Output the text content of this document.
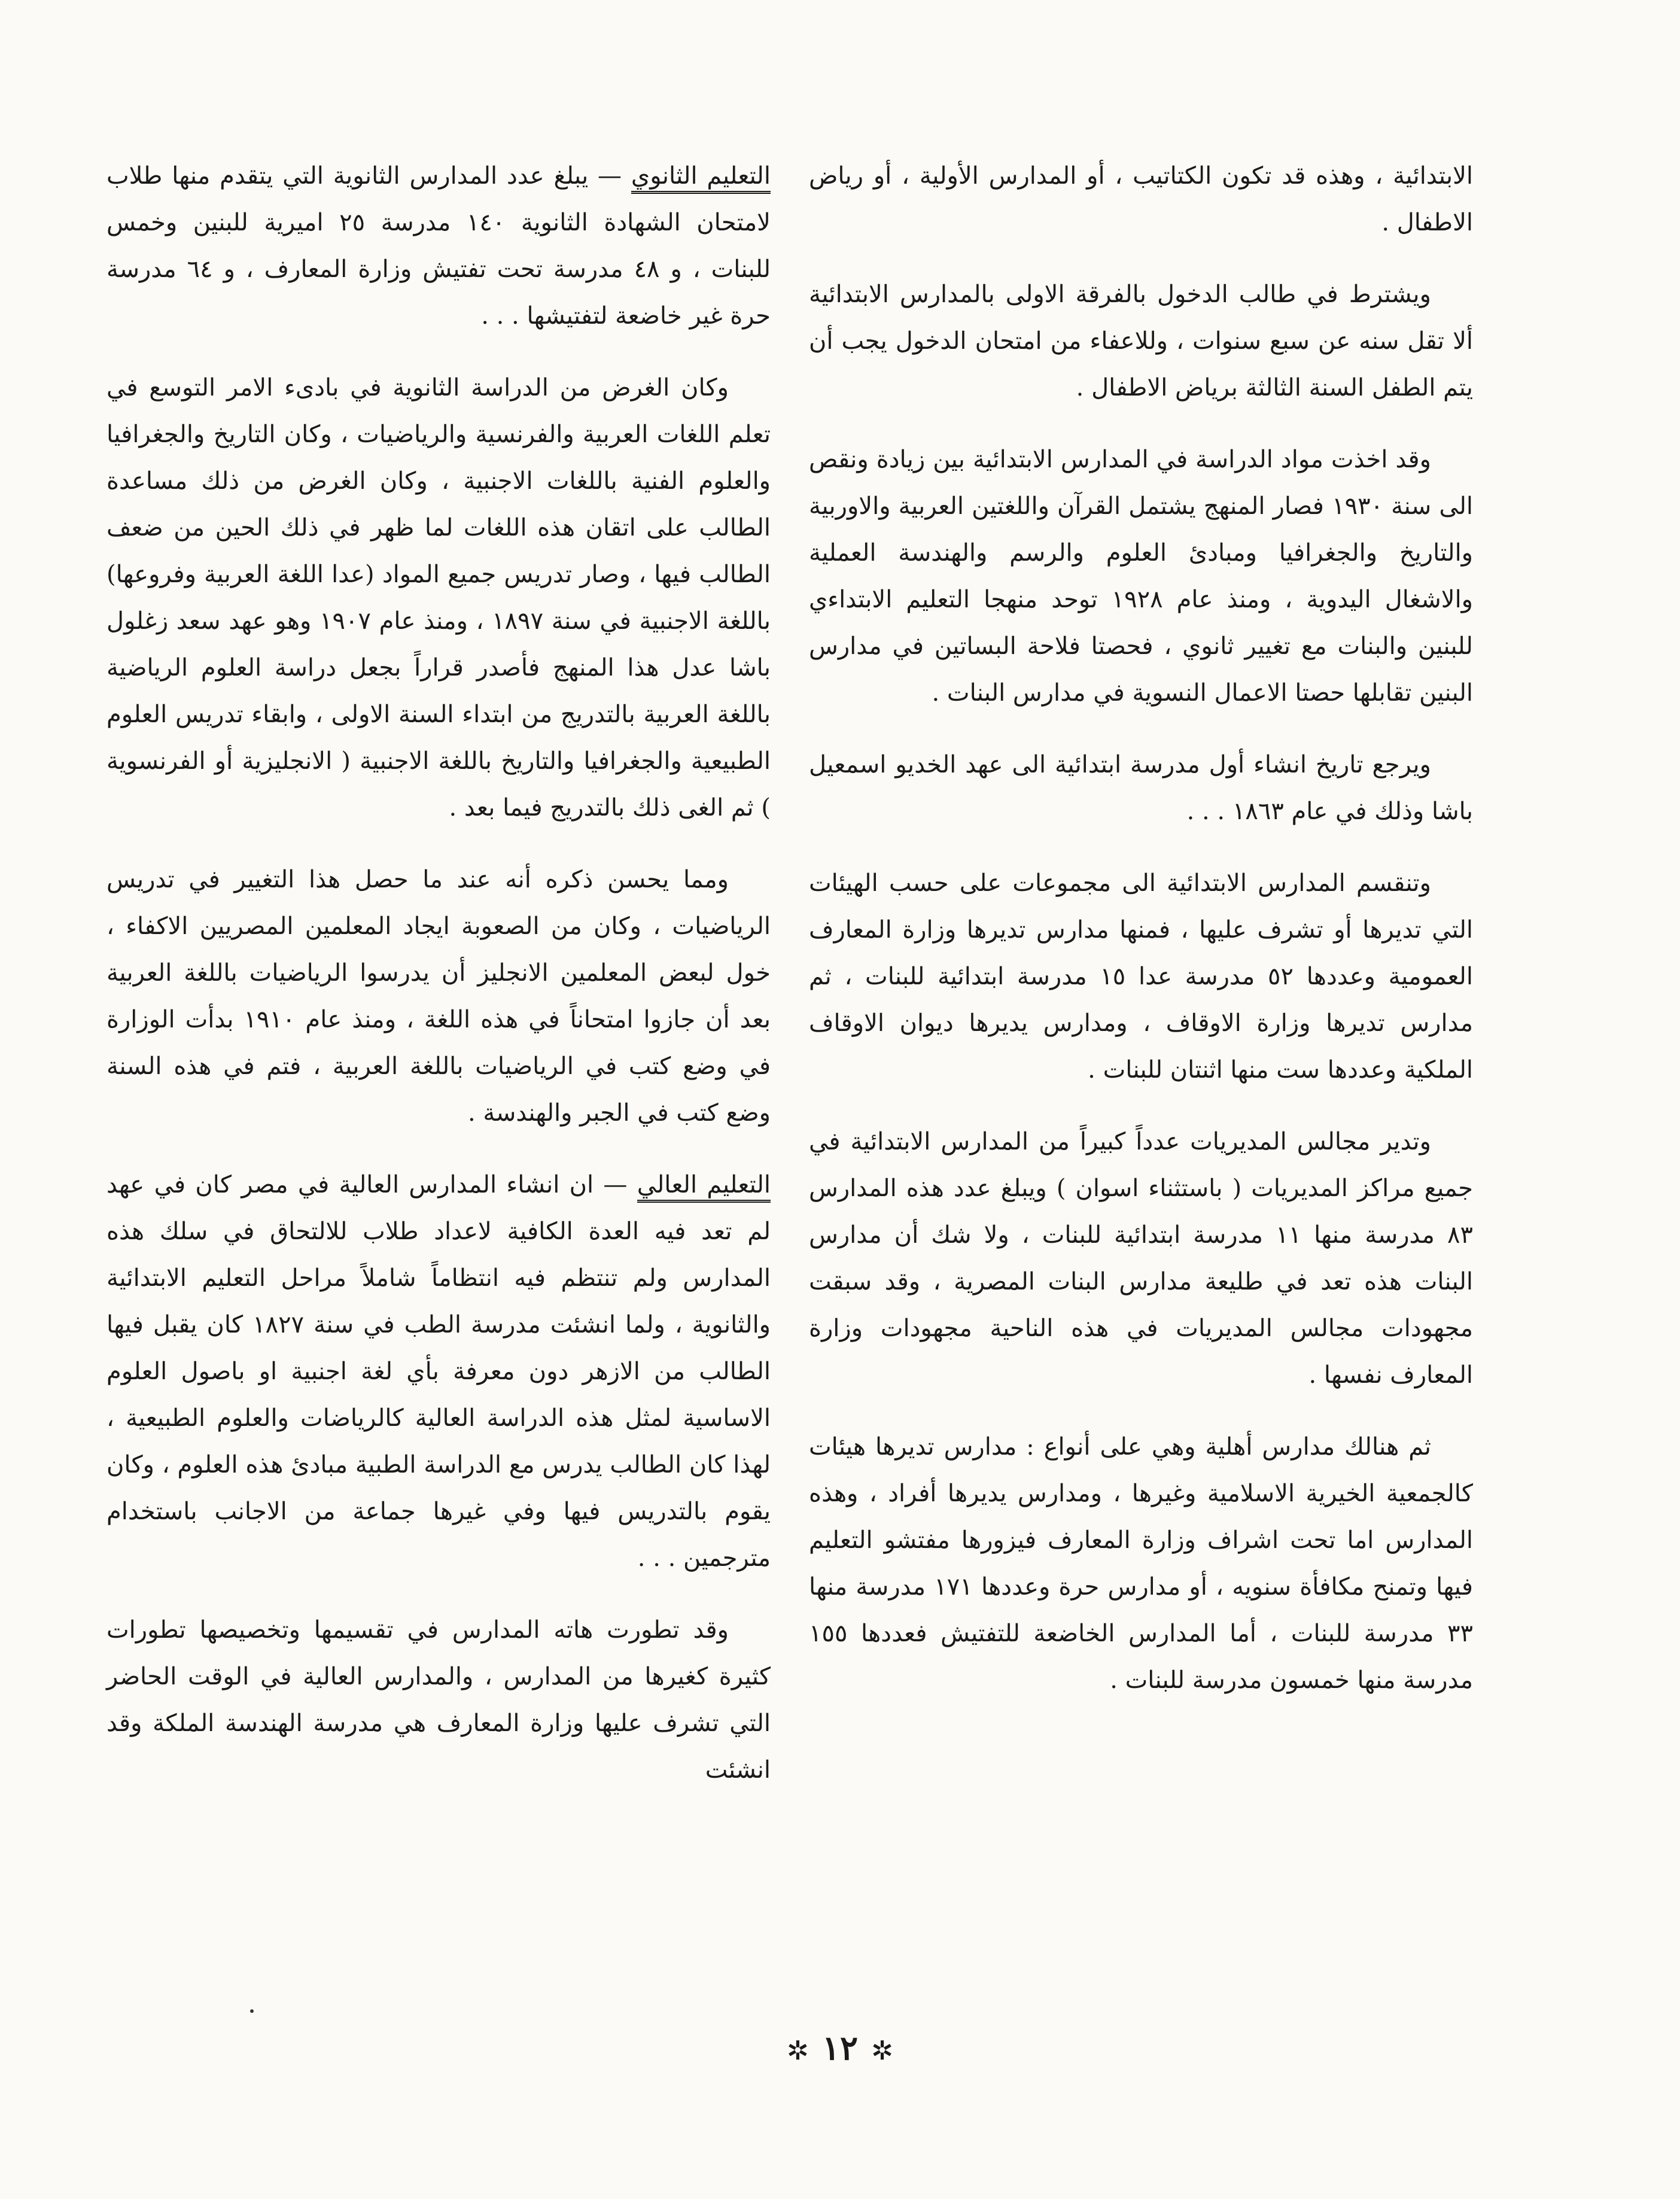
الابتدائية ، وهذه قد تكون الكتاتيب ، أو المدارس الأولية ، أو رياض الاطفال .

ويشترط في طالب الدخول بالفرقة الاولى بالمدارس الابتدائية ألا تقل سنه عن سبع سنوات ، وللاعفاء من امتحان الدخول يجب أن يتم الطفل السنة الثالثة برياض الاطفال .

وقد اخذت مواد الدراسة في المدارس الابتدائية بين زيادة ونقص الى سنة ١٩٣٠ فصار المنهج يشتمل القرآن واللغتين العربية والاوربية والتاريخ والجغرافيا ومبادئ العلوم والرسم والهندسة العملية والاشغال اليدوية ، ومنذ عام ١٩٢٨ توحد منهجا التعليم الابتداءي للبنين والبنات مع تغيير ثانوي ، فحصتا فلاحة البساتين في مدارس البنين تقابلها حصتا الاعمال النسوية في مدارس البنات .

ويرجع تاريخ انشاء أول مدرسة ابتدائية الى عهد الخديو اسمعيل باشا وذلك في عام ١٨٦٣ . . .

وتنقسم المدارس الابتدائية الى مجموعات على حسب الهيئات التي تديرها أو تشرف عليها ، فمنها مدارس تديرها وزارة المعارف العمومية وعددها ٥٢ مدرسة عدا ١٥ مدرسة ابتدائية للبنات ، ثم مدارس تديرها وزارة الاوقاف ، ومدارس يديرها ديوان الاوقاف الملكية وعددها ست منها اثنتان للبنات .

وتدير مجالس المديريات عدداً كبيراً من المدارس الابتدائية في جميع مراكز المديريات ( باستثناء اسوان ) ويبلغ عدد هذه المدارس ٨٣ مدرسة منها ١١ مدرسة ابتدائية للبنات ، ولا شك أن مدارس البنات هذه تعد في طليعة مدارس البنات المصرية ، وقد سبقت مجهودات مجالس المديريات في هذه الناحية مجهودات وزارة المعارف نفسها .

ثم هنالك مدارس أهلية وهي على أنواع : مدارس تديرها هيئات كالجمعية الخيرية الاسلامية وغيرها ، ومدارس يديرها أفراد ، وهذه المدارس اما تحت اشراف وزارة المعارف فيزورها مفتشو التعليم فيها وتمنح مكافأة سنويه ، أو مدارس حرة وعددها ١٧١ مدرسة منها ٣٣ مدرسة للبنات ، أما المدارس الخاضعة للتفتيش فعددها ١٥٥ مدرسة منها خمسون مدرسة للبنات .

التعليم الثانوي — يبلغ عدد المدارس الثانوية التي يتقدم منها طلاب لامتحان الشهادة الثانوية ١٤٠ مدرسة ٢٥ اميرية للبنين وخمس للبنات ، و ٤٨ مدرسة تحت تفتيش وزارة المعارف ، و ٦٤ مدرسة حرة غير خاضعة لتفتيشها . . .

وكان الغرض من الدراسة الثانوية في بادىء الامر التوسع في تعلم اللغات العربية والفرنسية والرياضيات ، وكان التاريخ والجغرافيا والعلوم الفنية باللغات الاجنبية ، وكان الغرض من ذلك مساعدة الطالب على اتقان هذه اللغات لما ظهر في ذلك الحين من ضعف الطالب فيها ، وصار تدريس جميع المواد (عدا اللغة العربية وفروعها) باللغة الاجنبية في سنة ١٨٩٧ ، ومنذ عام ١٩٠٧ وهو عهد سعد زغلول باشا عدل هذا المنهج فأصدر قراراً بجعل دراسة العلوم الرياضية باللغة العربية بالتدريج من ابتداء السنة الاولى ، وابقاء تدريس العلوم الطبيعية والجغرافيا والتاريخ باللغة الاجنبية ( الانجليزية أو الفرنسوية ) ثم الغى ذلك بالتدريج فيما بعد .

ومما يحسن ذكره أنه عند ما حصل هذا التغيير في تدريس الرياضيات ، وكان من الصعوبة ايجاد المعلمين المصريين الاكفاء ، خول لبعض المعلمين الانجليز أن يدرسوا الرياضيات باللغة العربية بعد أن جازوا امتحاناً في هذه اللغة ، ومنذ عام ١٩١٠ بدأت الوزارة في وضع كتب في الرياضيات باللغة العربية ، فتم في هذه السنة وضع كتب في الجبر والهندسة .

التعليم العالي — ان انشاء المدارس العالية في مصر كان في عهد لم تعد فيه العدة الكافية لاعداد طلاب للالتحاق في سلك هذه المدارس ولم تنتظم فيه انتظاماً شاملاً مراحل التعليم الابتدائية والثانوية ، ولما انشئت مدرسة الطب في سنة ١٨٢٧ كان يقبل فيها الطالب من الازهر دون معرفة بأي لغة اجنبية او باصول العلوم الاساسية لمثل هذه الدراسة العالية كالرياضات والعلوم الطبيعية ، لهذا كان الطالب يدرس مع الدراسة الطبية مبادئ هذه العلوم ، وكان يقوم بالتدريس فيها وفي غيرها جماعة من الاجانب باستخدام مترجمين . . .

وقد تطورت هاته المدارس في تقسيمها وتخصيصها تطورات كثيرة كغيرها من المدارس ، والمدارس العالية في الوقت الحاضر التي تشرف عليها وزارة المعارف هي مدرسة الهندسة الملكة وقد انشئت

✲١٢✲
